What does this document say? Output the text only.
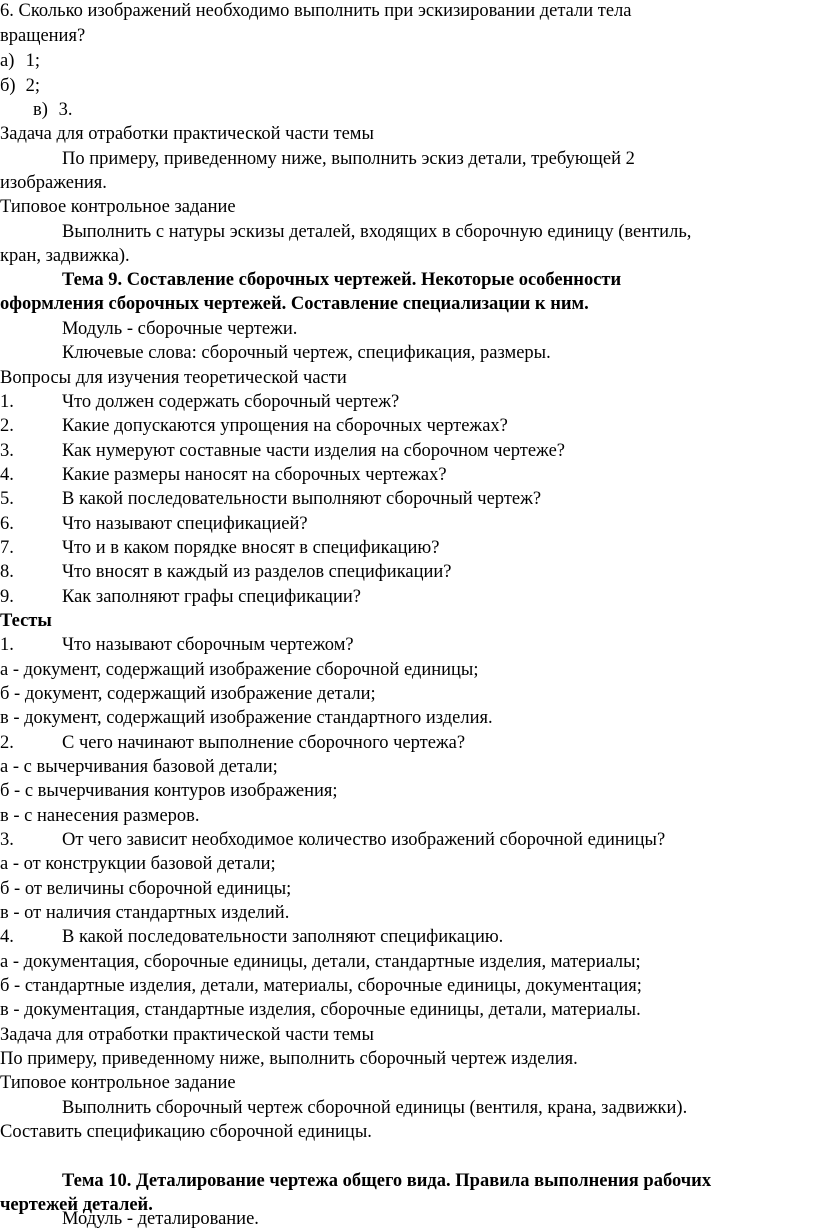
6. Сколько изображений необходимо выполнить при эскизировании детали тела

вращения?

а) 1;

б) 2;

в) 3.

Задача для отработки практической части темы

По примеру, приведенному ниже, выполнить эскиз детали, требующей 2

изображения.

Типовое контрольное задание

Выполнить с натуры эскизы деталей, входящих в сборочную единицу (вентиль,

кран, задвижка).

Тема 9. Составление сборочных чертежей. Некоторые особенности

оформления сборочных чертежей. Составление специализации к ним.

Модуль - сборочные чертежи.

Ключевые слова: сборочный чертеж, спецификация, размеры.

Вопросы для изучения теоретической части

1.	Что должен содержать сборочный чертеж?

2.	Какие допускаются упрощения на сборочных чертежах?

3.	Как нумеруют составные части изделия на сборочном чертеже?

4.	Какие размеры наносят на сборочных чертежах?

5.	В какой последовательности выполняют сборочный чертеж?

6.	Что называют спецификацией?

7.	Что и в каком порядке вносят в спецификацию?

8.	Что вносят в каждый из разделов спецификации?

9.	Как заполняют графы спецификации?

Тесты

1.	Что называют сборочным чертежом?

а - документ, содержащий изображение сборочной единицы;

б - документ, содержащий изображение детали;

в - документ, содержащий изображение стандартного изделия.

2.	С чего начинают выполнение сборочного чертежа?

а - с вычерчивания базовой детали;

б - с вычерчивания контуров изображения;

в - с нанесения размеров.

3.	От чего зависит необходимое количество изображений сборочной единицы?

а - от конструкции базовой детали;

б - от величины сборочной единицы;

в - от наличия стандартных изделий.

4.	В какой последовательности заполняют спецификацию.

а - документация, сборочные единицы, детали, стандартные изделия, материалы;

б - стандартные изделия, детали, материалы, сборочные единицы, документация;

в - документация, стандартные изделия, сборочные единицы, детали, материалы.

Задача для отработки практической части темы

По примеру, приведенному ниже, выполнить сборочный чертеж изделия.

Типовое контрольное задание

Выполнить сборочный чертеж сборочной единицы (вентиля, крана, задвижки).

Составить спецификацию сборочной единицы.

Тема 10. Деталирование чертежа общего вида. Правила выполнения рабочих

чертежей деталей.

Модуль - деталирование.
